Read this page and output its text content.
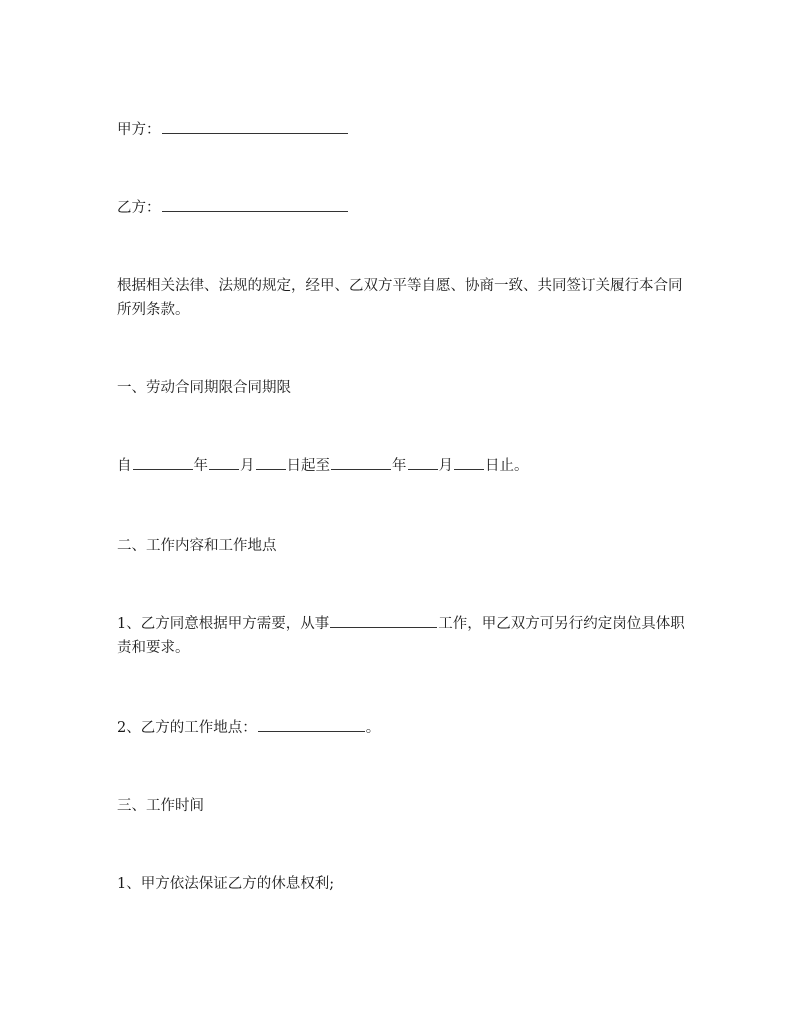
甲方：
乙方：
根据相关法律、法规的规定，经甲、乙双方平等自愿、协商一致、共同签订关履行本合同所列条款。
一、劳动合同期限合同期限
自	年 月 日起至	年 月 日止。
二、工作内容和工作地点
1、乙方同意根据甲方需要，从事	工作，甲乙双方可另行约定岗位具体职责和要求。
2、乙方的工作地点：	。
三、工作时间
1、甲方依法保证乙方的休息权利;
